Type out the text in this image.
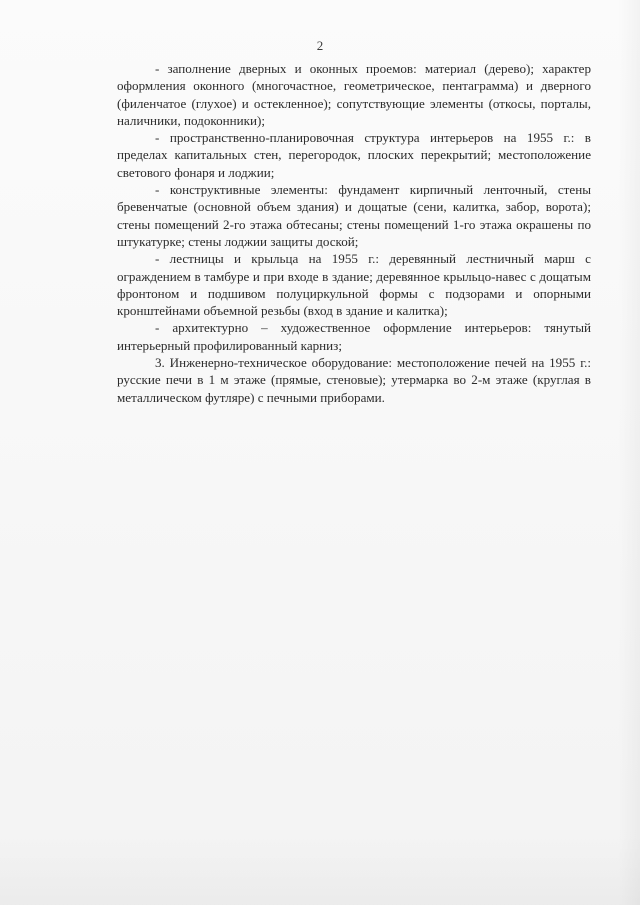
2

- заполнение дверных и оконных проемов: материал (дерево); характер оформления оконного (многочастное, геометрическое, пентаграмма) и дверного (филенчатое (глухое) и остекленное); сопутствующие элементы (откосы, порталы, наличники, подоконники);

- пространственно-планировочная структура интерьеров на 1955 г.: в пределах капитальных стен, перегородок, плоских перекрытий; местоположение светового фонаря и лоджии;

- конструктивные элементы: фундамент кирпичный ленточный, стены бревенчатые (основной объем здания) и дощатые (сени, калитка, забор, ворота); стены помещений 2-го этажа обтесаны; стены помещений 1-го этажа окрашены по штукатурке; стены лоджии защиты доской;

- лестницы и крыльца на 1955 г.: деревянный лестничный марш с ограждением в тамбуре и при входе в здание; деревянное крыльцо-навес с дощатым фронтоном и подшивом полуциркульной формы с подзорами и опорными кронштейнами объемной резьбы (вход в здание и калитка);

- архитектурно – художественное оформление интерьеров: тянутый интерьерный профилированный карниз;

3. Инженерно-техническое оборудование: местоположение печей на 1955 г.: русские печи в 1 м этаже (прямые, стеновые); утермарка во 2-м этаже (круглая в металлическом футляре) с печными приборами.
